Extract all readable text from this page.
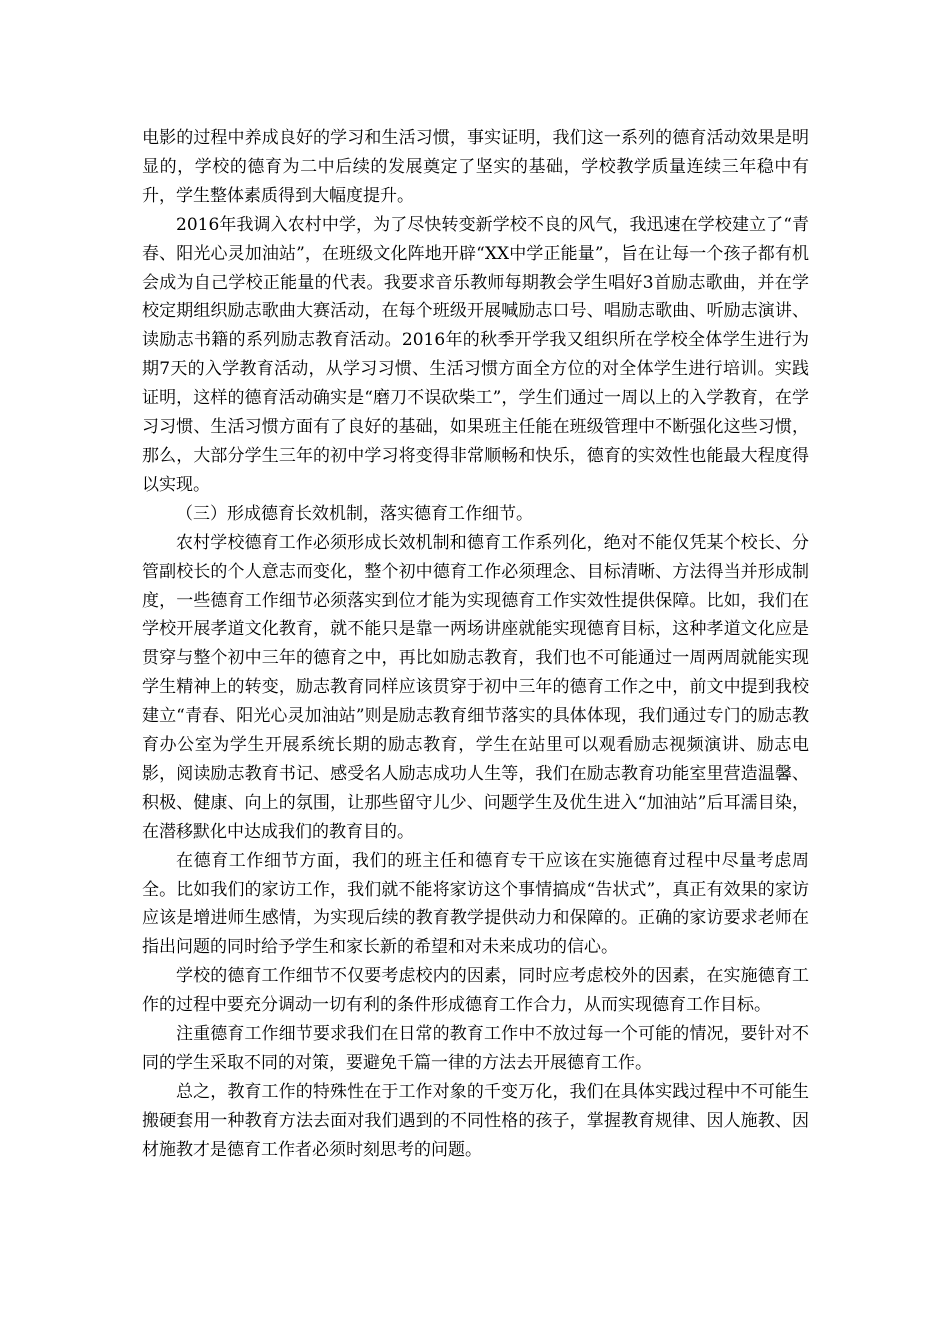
电影的过程中养成良好的学习和生活习惯，事实证明，我们这一系列的德育活动效果是明显的，学校的德育为二中后续的发展奠定了坚实的基础，学校教学质量连续三年稳中有升，学生整体素质得到大幅度提升。

2016年我调入农村中学，为了尽快转变新学校不良的风气，我迅速在学校建立了“青春、阳光心灵加油站”，在班级文化阵地开辟“XX中学正能量”，旨在让每一个孩子都有机会成为自己学校正能量的代表。我要求音乐教师每期教会学生唱好3首励志歌曲，并在学校定期组织励志歌曲大赛活动，在每个班级开展喊励志口号、唱励志歌曲、听励志演讲、读励志书籍的系列励志教育活动。2016年的秋季开学我又组织所在学校全体学生进行为期7天的入学教育活动，从学习习惯、生活习惯方面全方位的对全体学生进行培训。实践证明，这样的德育活动确实是“磨刀不误砍柴工”，学生们通过一周以上的入学教育，在学习习惯、生活习惯方面有了良好的基础，如果班主任能在班级管理中不断强化这些习惯，那么，大部分学生三年的初中学习将变得非常顺畅和快乐，德育的实效性也能最大程度得以实现。

（三）形成德育长效机制，落实德育工作细节。

农村学校德育工作必须形成长效机制和德育工作系列化，绝对不能仅凭某个校长、分管副校长的个人意志而变化，整个初中德育工作必须理念、目标清晰、方法得当并形成制度，一些德育工作细节必须落实到位才能为实现德育工作实效性提供保障。比如，我们在学校开展孝道文化教育，就不能只是靠一两场讲座就能实现德育目标，这种孝道文化应是贯穿与整个初中三年的德育之中，再比如励志教育，我们也不可能通过一周两周就能实现学生精神上的转变，励志教育同样应该贯穿于初中三年的德育工作之中，前文中提到我校建立“青春、阳光心灵加油站”则是励志教育细节落实的具体体现，我们通过专门的励志教育办公室为学生开展系统长期的励志教育，学生在站里可以观看励志视频演讲、励志电影，阅读励志教育书记、感受名人励志成功人生等，我们在励志教育功能室里营造温馨、积极、健康、向上的氛围，让那些留守儿少、问题学生及优生进入“加油站”后耳濡目染，在潜移默化中达成我们的教育目的。

在德育工作细节方面，我们的班主任和德育专干应该在实施德育过程中尽量考虑周全。比如我们的家访工作，我们就不能将家访这个事情搞成“告状式”，真正有效果的家访应该是增进师生感情，为实现后续的教育教学提供动力和保障的。正确的家访要求老师在指出问题的同时给予学生和家长新的希望和对未来成功的信心。

学校的德育工作细节不仅要考虑校内的因素，同时应考虑校外的因素，在实施德育工作的过程中要充分调动一切有利的条件形成德育工作合力，从而实现德育工作目标。

注重德育工作细节要求我们在日常的教育工作中不放过每一个可能的情况，要针对不同的学生采取不同的对策，要避免千篇一律的方法去开展德育工作。

总之，教育工作的特殊性在于工作对象的千变万化，我们在具体实践过程中不可能生搬硬套用一种教育方法去面对我们遇到的不同性格的孩子，掌握教育规律、因人施教、因材施教才是德育工作者必须时刻思考的问题。
